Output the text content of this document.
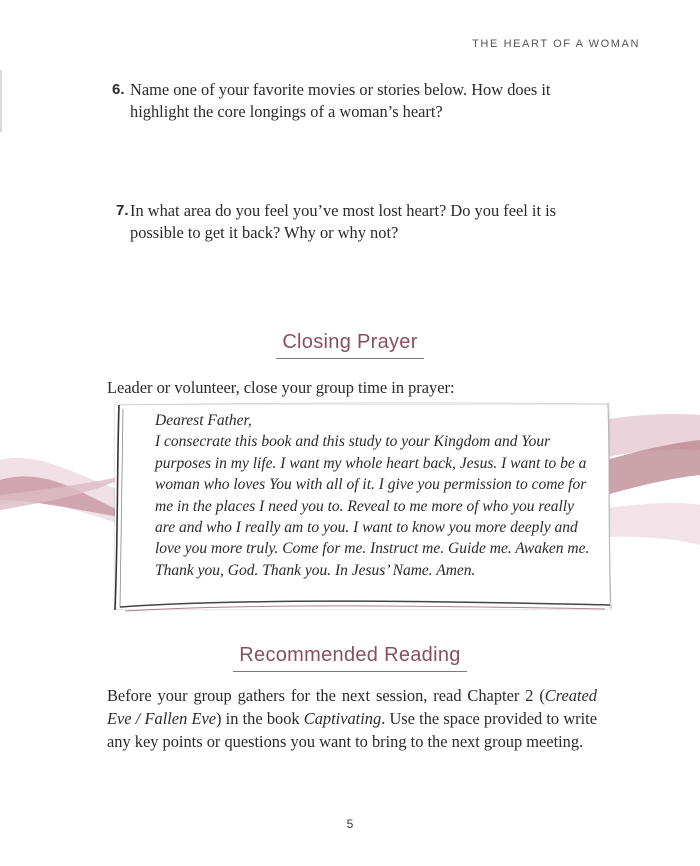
THE HEART OF A WOMAN
6. Name one of your favorite movies or stories below. How does it highlight the core longings of a woman’s heart?
7. In what area do you feel you’ve most lost heart? Do you feel it is possible to get it back? Why or why not?
Closing Prayer
Leader or volunteer, close your group time in prayer:
Dearest Father,
I consecrate this book and this study to your Kingdom and Your purposes in my life. I want my whole heart back, Jesus. I want to be a woman who loves You with all of it. I give you permission to come for me in the places I need you to. Reveal to me more of who you really are and who I really am to you. I want to know you more deeply and love you more truly. Come for me. Instruct me. Guide me. Awaken me. Thank you, God. Thank you. In Jesus’ Name. Amen.
Recommended Reading
Before your group gathers for the next session, read Chapter 2 (Created Eve / Fallen Eve) in the book Captivating. Use the space provided to write any key points or questions you want to bring to the next group meeting.
5
